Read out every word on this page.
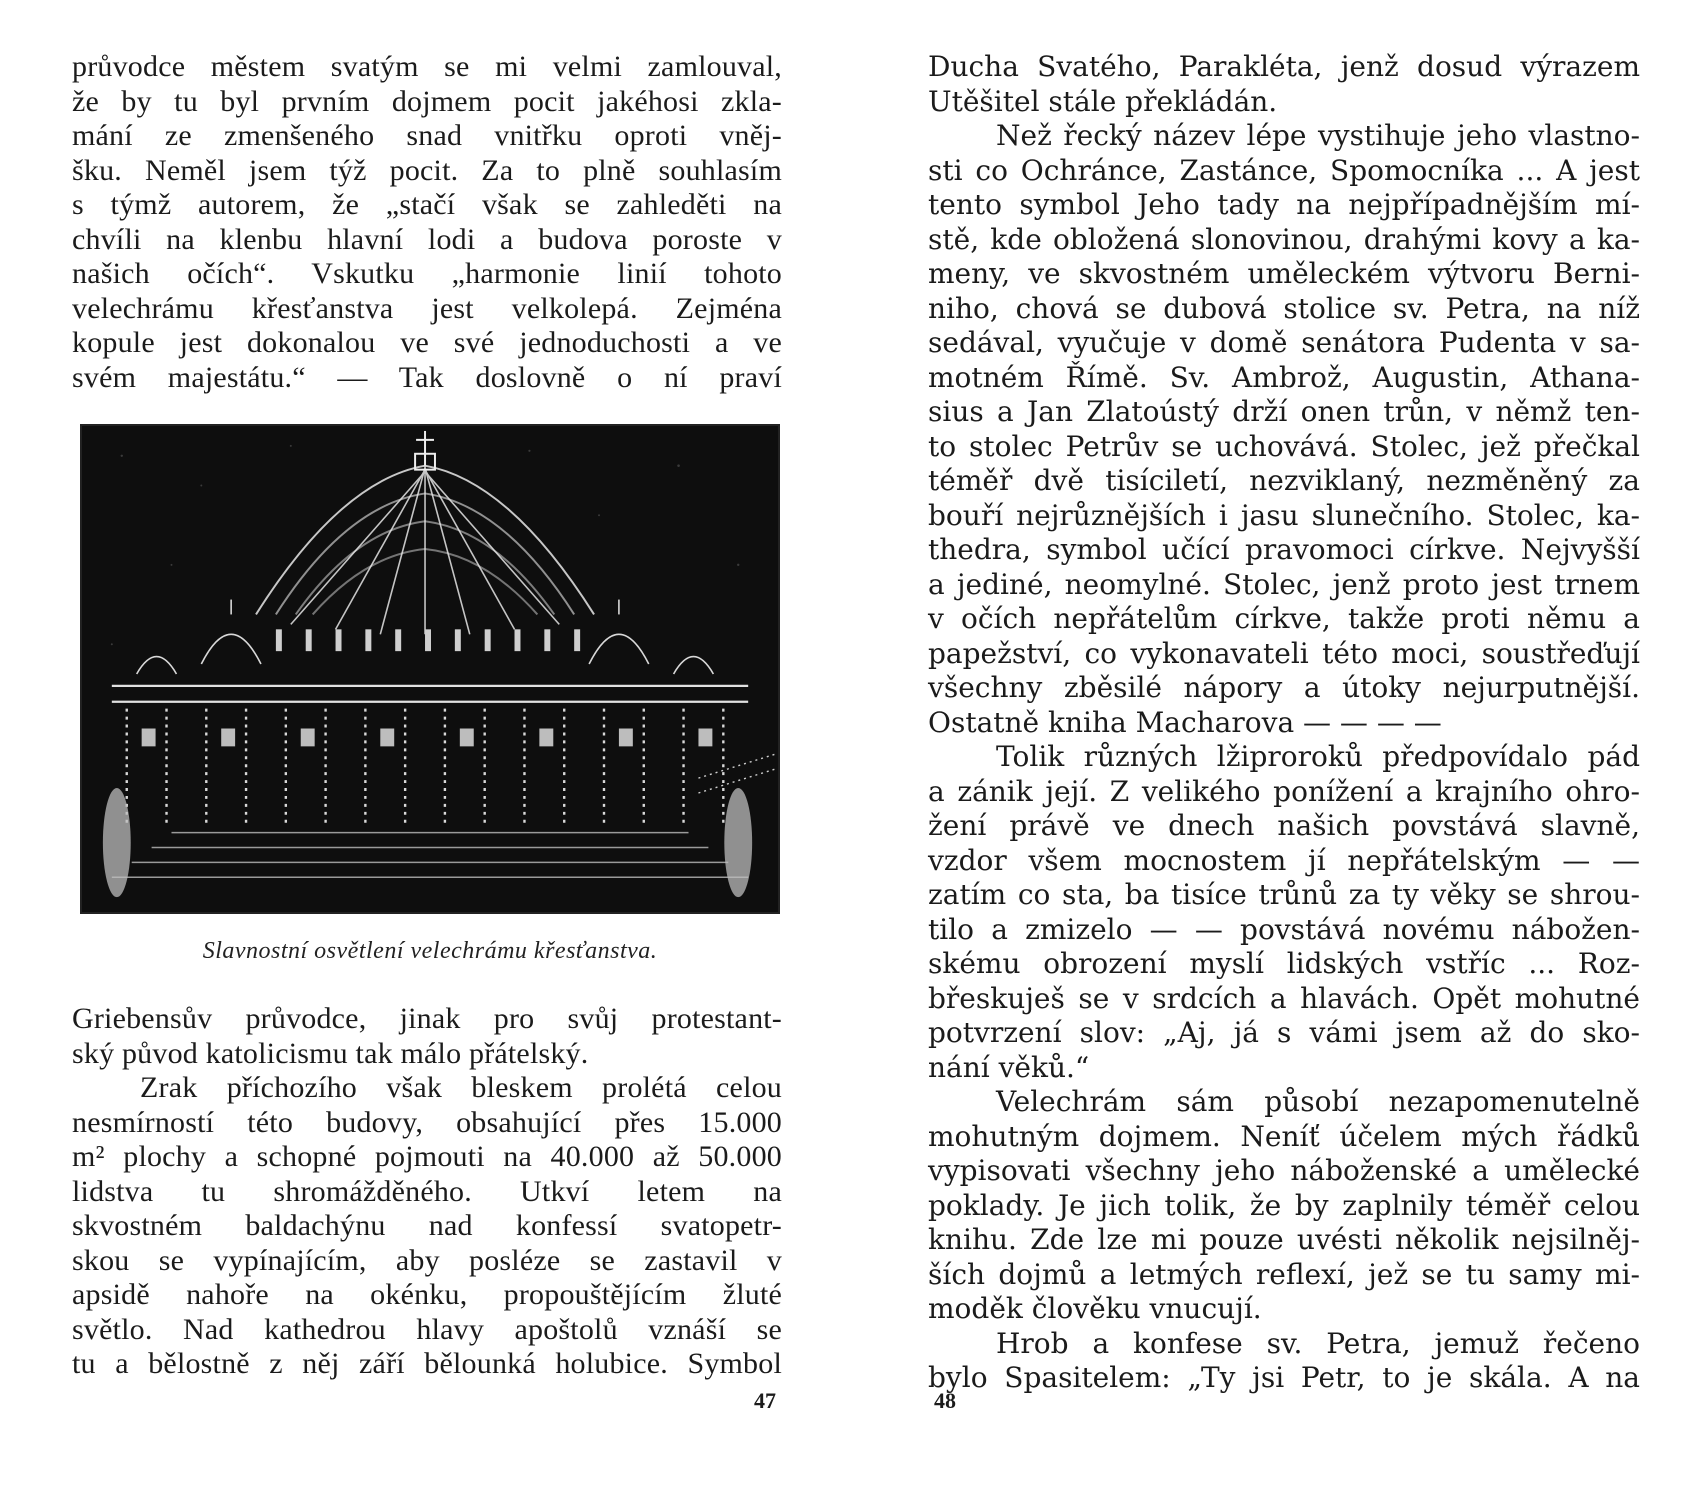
průvodce městem svatým se mi velmi zamlouval,
že by tu byl prvním dojmem pocit jakéhosi zkla-
mání ze zmenšeného snad vnitřku oproti vněj-
šku. Neměl jsem týž pocit. Za to plně souhlasím
s týmž autorem, že „stačí však se zahleděti na
chvíli na klenbu hlavní lodi a budova poroste v
našich očích“. Vskutku „harmonie linií tohoto
velechrámu křesťanstva jest velkolepá. Zejména
kopule jest dokonalou ve své jednoduchosti a ve
svém majestátu.“ — Tak doslovně o ní praví
Slavnostní osvětlení velechrámu křesťanstva.
Griebensův průvodce, jinak pro svůj protestant-
ský původ katolicismu tak málo přátelský.
Zrak příchozího však bleskem prolétá celou
nesmírností této budovy, obsahující přes 15.000
m² plochy a schopné pojmouti na 40.000 až 50.000
lidstva tu shromážděného. Utkví letem na
skvostném baldachýnu nad konfessí svatopetr-
skou se vypínajícím, aby posléze se zastavil v
apsidě nahoře na okénku, propouštějícím žluté
světlo. Nad kathedrou hlavy apoštolů vznáší se
tu a bělostně z něj září bělounká holubice. Symbol
47
Ducha Svatého, Parakléta, jenž dosud výrazem
Utěšitel stále překládán.
Než řecký název lépe vystihuje jeho vlastno-
sti co Ochránce, Zastánce, Spomocníka ... A jest
tento symbol Jeho tady na nejpřípadnějším mí-
stě, kde obložená slonovinou, drahými kovy a ka-
meny, ve skvostném uměleckém výtvoru Berni-
niho, chová se dubová stolice sv. Petra, na níž
sedával, vyučuje v domě senátora Pudenta v sa-
motném Římě. Sv. Ambrož, Augustin, Athana-
sius a Jan Zlatoústý drží onen trůn, v němž ten-
to stolec Petrův se uchovává. Stolec, jež přečkal
téměř dvě tisíciletí, nezviklaný, nezměněný za
bouří nejrůznějších i jasu slunečního. Stolec, ka-
thedra, symbol učící pravomoci církve. Nejvyšší
a jediné, neomylné. Stolec, jenž proto jest trnem
v očích nepřátelům církve, takže proti němu a
papežství, co vykonavateli této moci, soustřeďují
všechny zběsilé nápory a útoky nejurputnější.
Ostatně kniha Macharova — — — —
Tolik různých lžiproroků předpovídalo pád
a zánik její. Z velikého ponížení a krajního ohro-
žení právě ve dnech našich povstává slavně,
vzdor všem mocnostem jí nepřátelským — —
zatím co sta, ba tisíce trůnů za ty věky se shrou-
tilo a zmizelo — — povstává novému nábožen-
skému obrození myslí lidských vstříc ... Roz-
břeskuješ se v srdcích a hlavách. Opět mohutné
potvrzení slov: „Aj, já s vámi jsem až do sko-
nání věků.“
Velechrám sám působí nezapomenutelně
mohutným dojmem. Neníť účelem mých řádků
vypisovati všechny jeho náboženské a umělecké
poklady. Je jich tolik, že by zaplnily téměř celou
knihu. Zde lze mi pouze uvésti několik nejsilněj-
ších dojmů a letmých reflexí, jež se tu samy mi-
moděk člověku vnucují.
Hrob a konfese sv. Petra, jemuž řečeno
bylo Spasitelem: „Ty jsi Petr, to je skála. A na
48
